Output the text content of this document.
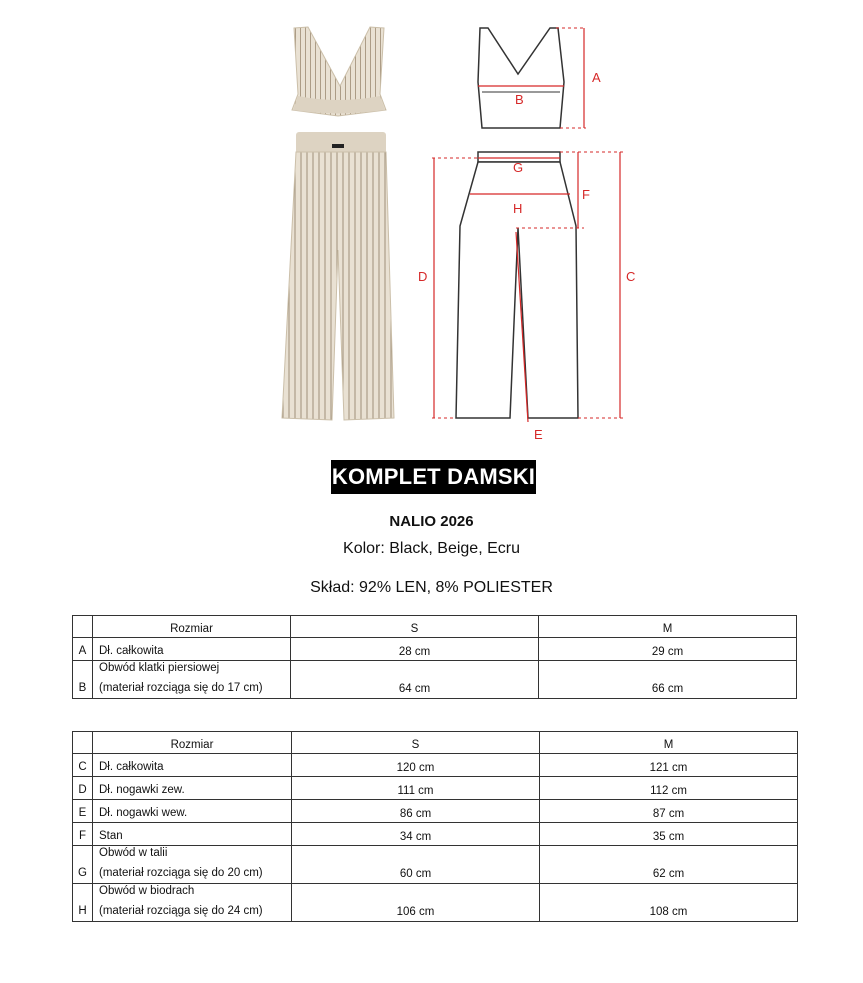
A
B
G
H
F
D	C
E
KOMPLET DAMSKI
NALIO 2026
Kolor: Black, Beige, Ecru
Skład: 92% LEN, 8% POLIESTER
	Rozmiar	S	M
A	Dł. całkowita	28 cm	29 cm
B	Obwód klatki piersiowej
(materiał rozciąga się do 17 cm)	64 cm	66 cm
	Rozmiar	S	M
C	Dł. całkowita	120 cm	121 cm
D	Dł. nogawki zew.	111 cm	112 cm
E	Dł. nogawki wew.	86 cm	87 cm
F	Stan	34 cm	35 cm
G	Obwód w talii
(materiał rozciąga się do 20 cm)	60 cm	62 cm
H	Obwód w biodrach
(materiał rozciąga się do 24 cm)	106 cm	108 cm
